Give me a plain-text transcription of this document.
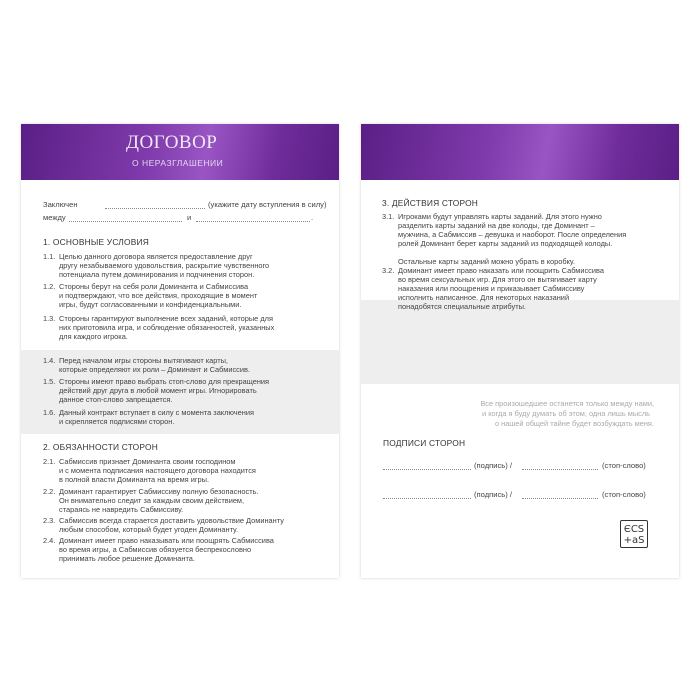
ДОГОВОР
О НЕРАЗГЛАШЕНИИ
Заключен	(укажите дату вступления в силу)
между	и	.
1. ОСНОВНЫЕ УСЛОВИЯ
1.1. Целью данного договора является предоставление друг
другу незабываемого удовольствия, раскрытие чувственного
потенциала путем доминирования и подчинения сторон.
1.2. Стороны берут на себя роли Доминанта и Сабмиссива
и подтверждают, что все действия, проходящие в момент
игры, будут согласованными и конфиденциальными.
1.3. Стороны гарантируют выполнение всех заданий, которые для
них приготовила игра, и соблюдение обязанностей, указанных
для каждого игрока.
1.4. Перед началом игры стороны вытягивают карты,
которые определяют их роли – Доминант и Сабмиссив.
1.5. Стороны имеют право выбрать стоп-слово для прекращения
действий друг друга в любой момент игры. Игнорировать
данное стоп-слово запрещается.
1.6. Данный контракт вступает в силу с момента заключения
и скрепляется подписями сторон.
2. ОБЯЗАННОСТИ СТОРОН
2.1. Сабмиссив признает Доминанта своим господином
и с момента подписания настоящего договора находится
в полной власти Доминанта на время игры.
2.2. Доминант гарантирует Сабмиссиву полную безопасность.
Он внимательно следит за каждым своим действием,
стараясь не навредить Сабмиссиву.
2.3. Сабмиссив всегда старается доставить удовольствие Доминанту
любым способом, который будет угоден Доминанту.
2.4. Доминант имеет право наказывать или поощрять Сабмиссива
во время игры, а Сабмиссив обязуется беспрекословно
принимать любое решение Доминанта.
3. ДЕЙСТВИЯ СТОРОН
3.1. Игроками будут управлять карты заданий. Для этого нужно
разделить карты заданий на две колоды, где Доминант –
мужчина, а Сабмиссив – девушка и наоборот. После определения
ролей Доминант берет карты заданий из подходящей колоды.
Остальные карты заданий можно убрать в коробку.
3.2. Доминант имеет право наказать или поощрить Сабмиссива
во время сексуальных игр. Для этого он вытягивает карту
наказания или поощрения и приказывает Сабмиссиву
исполнить написанное. Для некоторых наказаний
понадобятся специальные атрибуты.
Все произошедшее останется только между нами,
и когда я буду думать об этом, одна лишь мысль
о нашей общей тайне будет возбуждать меня.
ПОДПИСИ СТОРОН
(подпись) /	(стоп-слово)
(подпись) /	(стоп-слово)
ЄCS
+aS
